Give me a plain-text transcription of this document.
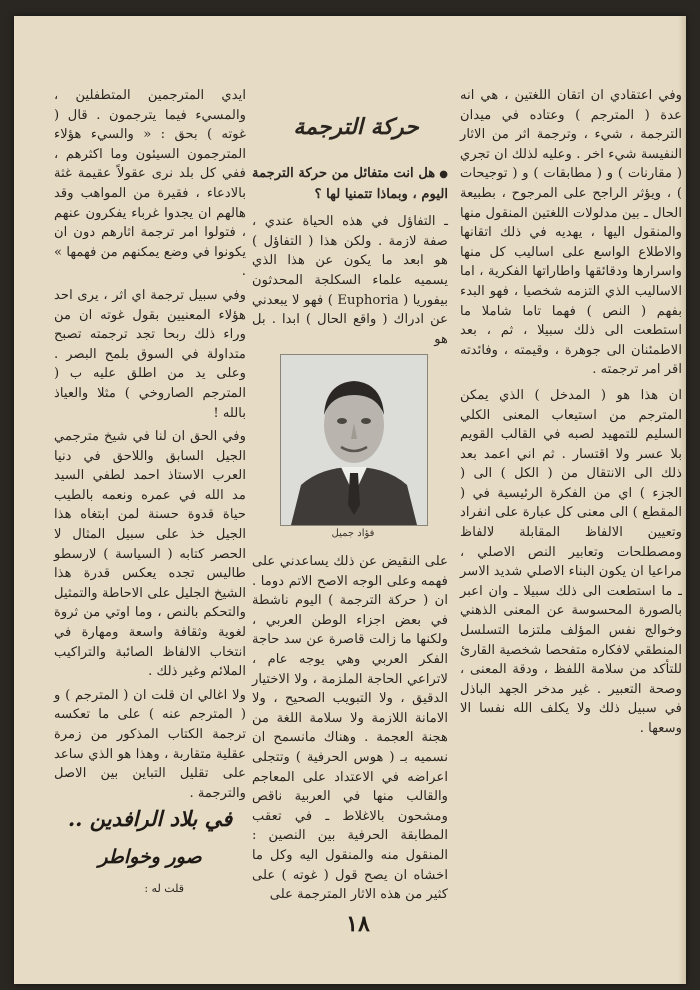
وفي اعتقادي ان اتقان اللغتين ، هي انه عدة ( المترجم ) وعتاده في ميدان الترجمة ، شيء ، وترجمة اثر من الاثار النفيسة شيء اخر . وعليه لذلك ان تجري ( مقارنات ) و ( مطابقات ) و ( توجيحات ) ، ويؤثر الراجح على المرجوح ، بطبيعة الحال ـ بين مدلولات اللغتين المنقول منها والمنقول اليها ، يهديه في ذلك اتقانها والاطلاع الواسع على اساليب كل منها واسرارها ودقائقها واطاراتها الفكرية ، اما الاساليب الذي التزمه شخصيا ، فهو البدء بفهم ( النص ) فهما تاما شاملا ما استطعت الى ذلك سبيلا ، ثم ، بعد الاطمئنان الى جوهرة ، وقيمته ، وفائدته اقر امر ترجمته .

ان هذا هو ( المدخل ) الذي يمكن المترجم من استيعاب المعنى الكلي السليم للتمهيد لصبه في القالب القويم بلا عسر ولا اقتسار . ثم اني اعمد بعد ذلك الى الانتقال من ( الكل ) الى ( الجزء ) اي من الفكرة الرئيسية في ( المقطع ) الى معنى كل عبارة على انفراد وتعيين الالفاظ المقابلة لالفاظ ومصطلحات وتعابير النص الاصلي ، مراعيا ان يكون البناء الاصلي شديد الاسر ـ ما استطعت الى ذلك سبيلا ـ وان اعبر بالصورة المحسوسة عن المعنى الذهني وخوالج نفس المؤلف ملتزما التسلسل المنطقي لافكاره متفحصا شخصية القارئ للتأكد من سلامة اللفظ ، ودقة المعنى ، وصحة التعبير . غير مدخر الجهد الباذل في سبيل ذلك ولا يكلف الله نفسا الا وسعها .

حركة الترجمة

●هل انت متفائل من حركة الترجمة اليوم ، وبماذا تتمنيا لها ؟

ـ التفاؤل في هذه الحياة عندي ، صفة لازمة . ولكن هذا ( التفاؤل ) هو ابعد ما يكون عن هذا الذي يسميه علماء السكلجة المحدثون بيفوريا ( Euphoria ) فهو لا يبعدني عن ادراك ( واقع الحال ) ابدا . بل هو

فؤاد جميل

على النقيض عن ذلك يساعدني على فهمه وعلى الوجه الاصح الاتم دوما . ان ( حركة الترجمة ) اليوم ناشطة في بعض اجزاء الوطن العربي ، ولكنها ما زالت قاصرة عن سد حاجة الفكر العربي وهي يوجه عام ، لاتراعي الحاجة الملزمة ، ولا الاختيار الدقيق ، ولا التبويب الصحيح ، ولا الامانة اللازمة ولا سلامة اللغة من هجنة العجمة . وهناك مانسمح ان نسميه بـ ( هوس الحرفية ) وتتجلى اعراضه في الاعتداد على المعاجم والقالب منها في العربية ناقص ومشحون بالاغلاط ـ في تعقب المطابقة الحرفية بين النصين : المنقول منه والمنقول اليه وكل ما اخشاه ان يصح قول ( غوته ) على كثير من هذه الاثار المترجمة على

ايدي المترجمين المتطفلين ، والمسيء فيما يترجمون . قال ( غوته ) بحق : « والسيء هؤلاء المترجمون السيئون وما اكثرهم ، ففي كل بلد نرى عقولاً عقيمة غثة بالادعاء ، فقيرة من المواهب وقد هالهم ان يجدوا غرباء يفكرون عنهم ، فتولوا امر ترجمة اثارهم دون ان يكونوا في وضع يمكنهم من فهمها » .

وفي سبيل ترجمة اي اثر ، يرى احد هؤلاء المعنيين بقول غوته ان من وراء ذلك ربحا تجد ترجمته تصبح متداولة في السوق بلمح البصر . وعلى يد من اطلق عليه ب ( المترجم الصاروخي ) مثلا والعياذ بالله !

وفي الحق ان لنا في شيخ مترجمي الجيل السابق واللاحق في دنيا العرب الاستاذ احمد لطفي السيد مد الله في عمره ونعمه بالطيب حياة قدوة حسنة لمن ابتغاه هذا الجيل خذ على سبيل المثال لا الحصر كتابه ( السياسة ) لارسطو طاليس تجده يعكس قدرة هذا الشيخ الجليل على الاحاطة والتمثيل والتحكم بالنص ، وما اوتي من ثروة لغوية وثقافة واسعة ومهارة في انتخاب الالفاظ الصائبة والتراكيب الملائم وغير ذلك .

ولا اغالي ان قلت ان ( المترجم ) و ( المترجم عنه ) على ما تعكسه ترجمة الكتاب المذكور من زمرة عقلية متقاربة ، وهذا هو الذي ساعد على تقليل التباين بين الاصل والترجمة .

في بلاد الرافدين ..
صور وخواطر
قلت له :
١٨
